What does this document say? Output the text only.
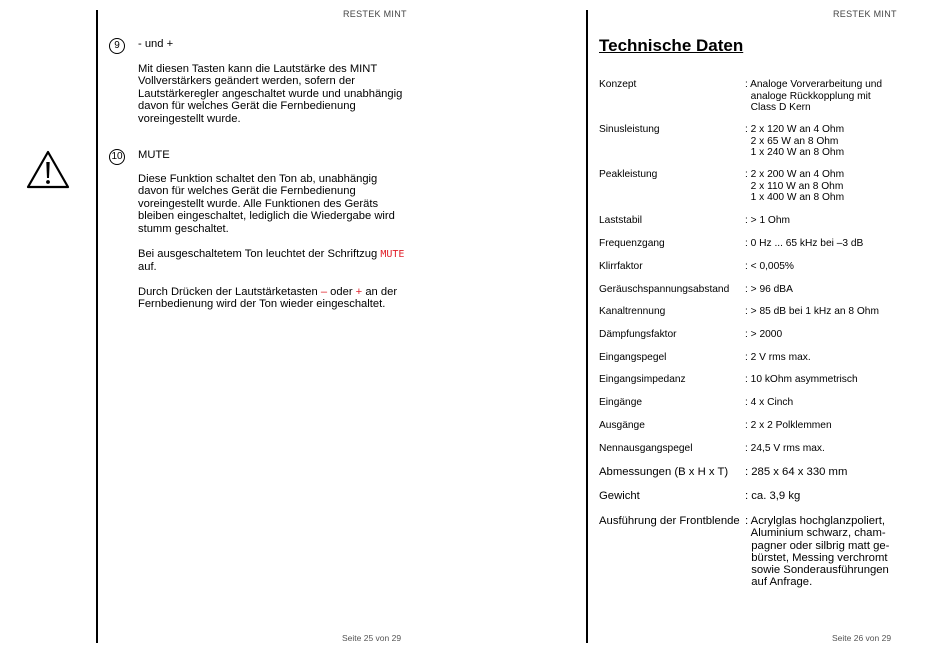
RESTEK MINT	RESTEK MINT
9	- und +
Mit diesen Tasten kann die Lautstärke des MINT
Vollverstärkers geändert werden, sofern der
Lautstärkeregler angeschaltet wurde und unabhängig
davon für welches Gerät die Fernbedienung
voreingestellt wurde.
10 MUTE
Diese Funktion schaltet den Ton ab, unabhängig
davon für welches Gerät die Fernbedienung
voreingestellt wurde. Alle Funktionen des Geräts
bleiben eingeschaltet, lediglich die Wiedergabe wird
stumm geschaltet.
Bei ausgeschaltetem Ton leuchtet der Schriftzug MUTE
auf.
Durch Drücken der Lautstärketasten – oder + an der
Fernbedienung wird der Ton wieder eingeschaltet.
Technische Daten
Konzept	: Analoge Vorverarbeitung und
analoge Rückkopplung mit
Class D Kern
Sinusleistung	: 2 x 120 W an 4 Ohm
2 x 65 W an 8 Ohm
1 x 240 W an 8 Ohm
Peakleistung	: 2 x 200 W an 4 Ohm
2 x 110 W an 8 Ohm
1 x 400 W an 8 Ohm
Laststabil	: > 1 Ohm
Frequenzgang	: 0 Hz ... 65 kHz bei –3 dB
Klirrfaktor	: < 0,005%
Geräuschspannungsabstand : > 96 dBA
Kanaltrennung	: > 85 dB bei 1 kHz an 8 Ohm
Dämpfungsfaktor	: > 2000
Eingangspegel	: 2 V rms max.
Eingangsimpedanz	: 10 kOhm asymmetrisch
Eingänge	: 4 x Cinch
Ausgänge	: 2 x 2 Polklemmen
Nennausgangspegel	: 24,5 V rms max.
Abmessungen (B x H x T) : 285 x 64 x 330 mm
Gewicht	: ca. 3,9 kg
Ausführung der Frontblende : Acrylglas hochglanzpoliert,
Aluminium schwarz, cham-
pagner oder silbrig matt ge-
bürstet, Messing verchromt
sowie Sonderausführungen
auf Anfrage.
Seite 25 von 29	Seite 26 von 29
